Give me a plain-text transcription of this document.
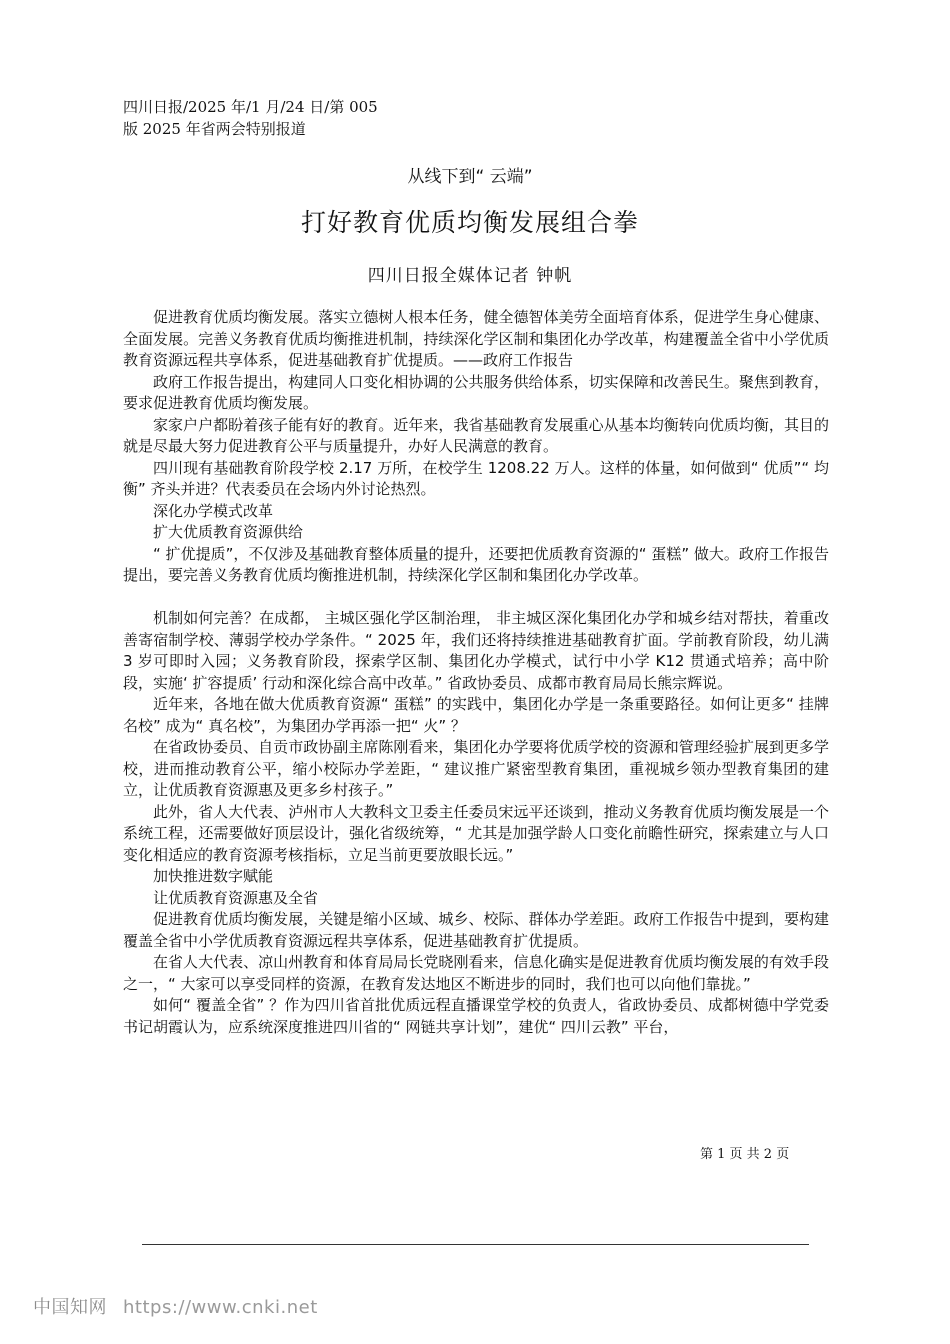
四川日报/2025 年/1 月/24 日/第 005 版 2025 年省两会特别报道
从线下到“ 云端”
打好教育优质均衡发展组合拳
四川日报全媒体记者 钟帆

促进教育优质均衡发展。落实立德树人根本任务，健全德智体美劳全面培育体系，促进学生身心健康、全面发展。完善义务教育优质均衡推进机制，持续深化学区制和集团化办学改革，构建覆盖全省中小学优质教育资源远程共享体系，促进基础教育扩优提质。——政府工作报告

政府工作报告提出，构建同人口变化相协调的公共服务供给体系，切实保障和改善民生。聚焦到教育，要求促进教育优质均衡发展。

家家户户都盼着孩子能有好的教育。近年来，我省基础教育发展重心从基本均衡转向优质均衡，其目的就是尽最大努力促进教育公平与质量提升，办好人民满意的教育。

四川现有基础教育阶段学校 2.17 万所，在校学生 1208.22 万人。这样的体量，如何做到“ 优质”“ 均衡” 齐头并进？代表委员在会场内外讨论热烈。

深化办学模式改革

扩大优质教育资源供给

“ 扩优提质”，不仅涉及基础教育整体质量的提升，还要把优质教育资源的“ 蛋糕” 做大。政府工作报告提出，要完善义务教育优质均衡推进机制，持续深化学区制和集团化办学改革。

机制如何完善？在成都， 主城区强化学区制治理， 非主城区深化集团化办学和城乡结对帮扶，着重改善寄宿制学校、薄弱学校办学条件。“ 2025 年，我们还将持续推进基础教育扩面。学前教育阶段，幼儿满 3 岁可即时入园；义务教育阶段，探索学区制、集团化办学模式，试行中小学 K12 贯通式培养；高中阶段，实施‘ 扩容提质’ 行动和深化综合高中改革。” 省政协委员、成都市教育局局长熊宗辉说。

近年来，各地在做大优质教育资源“ 蛋糕” 的实践中，集团化办学是一条重要路径。如何让更多“ 挂牌名校” 成为“ 真名校”，为集团办学再添一把“ 火” ？

在省政协委员、自贡市政协副主席陈刚看来，集团化办学要将优质学校的资源和管理经验扩展到更多学校，进而推动教育公平，缩小校际办学差距，“ 建议推广紧密型教育集团，重视城乡领办型教育集团的建立，让优质教育资源惠及更多乡村孩子。”

此外，省人大代表、泸州市人大教科文卫委主任委员宋远平还谈到，推动义务教育优质均衡发展是一个系统工程，还需要做好顶层设计，强化省级统筹，“ 尤其是加强学龄人口变化前瞻性研究，探索建立与人口变化相适应的教育资源考核指标，立足当前更要放眼长远。”

加快推进数字赋能

让优质教育资源惠及全省

促进教育优质均衡发展，关键是缩小区域、城乡、校际、群体办学差距。政府工作报告中提到，要构建覆盖全省中小学优质教育资源远程共享体系，促进基础教育扩优提质。

在省人大代表、凉山州教育和体育局局长党晓刚看来，信息化确实是促进教育优质均衡发展的有效手段之一，“ 大家可以享受同样的资源，在教育发达地区不断进步的同时，我们也可以向他们靠拢。”

如何“ 覆盖全省” ？作为四川省首批优质远程直播课堂学校的负责人，省政协委员、成都树德中学党委书记胡霞认为，应系统深度推进四川省的“ 网链共享计划”，建优“ 四川云教” 平台，

第 1 页 共 2 页
中国知网 https://www.cnki.net
